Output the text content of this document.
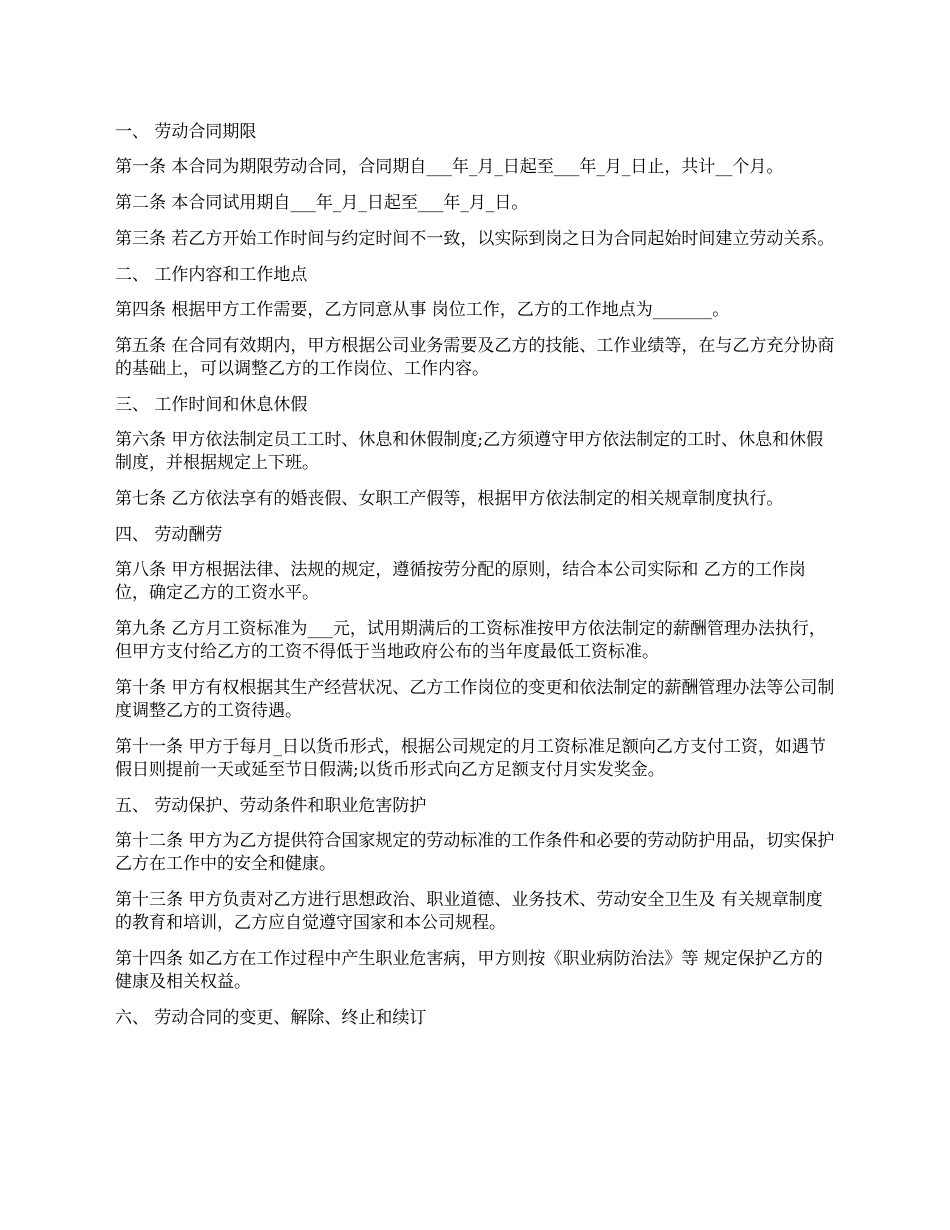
一、 劳动合同期限

第一条 本合同为期限劳动合同，合同期自___年_月_日起至___年_月_日止，共计__个月。

第二条 本合同试用期自___年_月_日起至___年_月_日。

第三条 若乙方开始工作时间与约定时间不一致，以实际到岗之日为合同起始时间建立劳动关系。

二、 工作内容和工作地点

第四条 根据甲方工作需要，乙方同意从事 岗位工作，乙方的工作地点为_______。

第五条 在合同有效期内，甲方根据公司业务需要及乙方的技能、工作业绩等，在与乙方充分协商的基础上，可以调整乙方的工作岗位、工作内容。

三、 工作时间和休息休假

第六条 甲方依法制定员工工时、休息和休假制度;乙方须遵守甲方依法制定的工时、休息和休假制度，并根据规定上下班。

第七条 乙方依法享有的婚丧假、女职工产假等，根据甲方依法制定的相关规章制度执行。

四、 劳动酬劳

第八条 甲方根据法律、法规的规定，遵循按劳分配的原则，结合本公司实际和 乙方的工作岗位，确定乙方的工资水平。

第九条 乙方月工资标准为___元，试用期满后的工资标准按甲方依法制定的薪酬管理办法执行，但甲方支付给乙方的工资不得低于当地政府公布的当年度最低工资标准。

第十条 甲方有权根据其生产经营状况、乙方工作岗位的变更和依法制定的薪酬管理办法等公司制度调整乙方的工资待遇。

第十一条 甲方于每月_日以货币形式，根据公司规定的月工资标准足额向乙方支付工资，如遇节假日则提前一天或延至节日假满;以货币形式向乙方足额支付月实发奖金。

五、 劳动保护、劳动条件和职业危害防护

第十二条 甲方为乙方提供符合国家规定的劳动标准的工作条件和必要的劳动防护用品，切实保护乙方在工作中的安全和健康。

第十三条 甲方负责对乙方进行思想政治、职业道德、业务技术、劳动安全卫生及 有关规章制度的教育和培训，乙方应自觉遵守国家和本公司规程。

第十四条 如乙方在工作过程中产生职业危害病，甲方则按《职业病防治法》等 规定保护乙方的健康及相关权益。

六、 劳动合同的变更、解除、终止和续订
